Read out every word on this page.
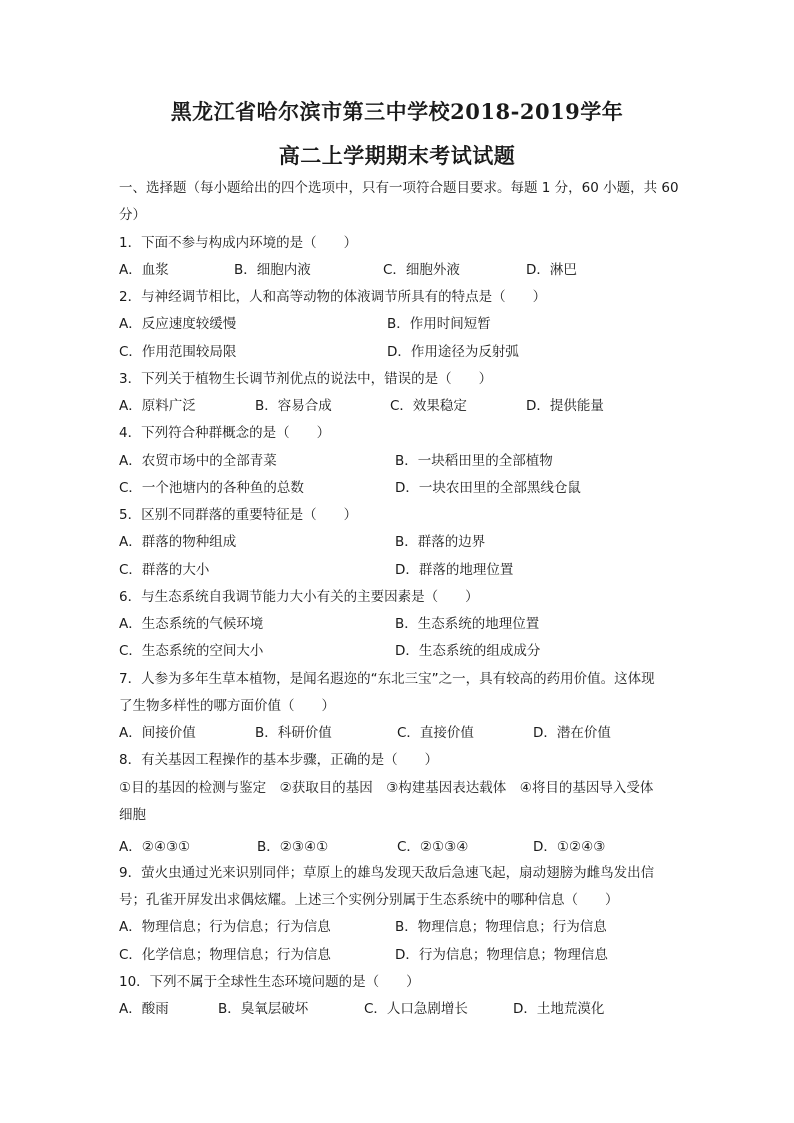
黑龙江省哈尔滨市第三中学校2018-2019学年
高二上学期期末考试试题
一、选择题（每小题给出的四个选项中，只有一项符合题目要求。每题 1 分，60 小题，共 60
分）
1．下面不参与构成内环境的是（　　）
A．血浆	B．细胞内液	C．细胞外液	D．淋巴
2．与神经调节相比，人和高等动物的体液调节所具有的特点是（　　）
A．反应速度较缓慢	B．作用时间短暂
C．作用范围较局限	D．作用途径为反射弧
3．下列关于植物生长调节剂优点的说法中，错误的是（　　）
A．原料广泛	B．容易合成	C．效果稳定	D．提供能量
4．下列符合种群概念的是（　　）
A．农贸市场中的全部青菜	B．一块稻田里的全部植物
C．一个池塘内的各种鱼的总数	D．一块农田里的全部黑线仓鼠
5．区别不同群落的重要特征是（　　）
A．群落的物种组成	B．群落的边界
C．群落的大小	D．群落的地理位置
6．与生态系统自我调节能力大小有关的主要因素是（　　）
A．生态系统的气候环境	B．生态系统的地理位置
C．生态系统的空间大小	D．生态系统的组成成分
7．人参为多年生草本植物，是闻名遐迩的“东北三宝”之一，具有较高的药用价值。这体现
了生物多样性的哪方面价值（　　）
A．间接价值	B．科研价值	C．直接价值	D．潜在价值
8．有关基因工程操作的基本步骤，正确的是（　　）
①目的基因的检测与鉴定　②获取目的基因　③构建基因表达载体　④将目的基因导入受体
细胞
A．②④③①	B．②③④①	C．②①③④	D．①②④③
9．萤火虫通过光来识别同伴；草原上的雄鸟发现天敌后急速飞起，扇动翅膀为雌鸟发出信
号；孔雀开屏发出求偶炫耀。上述三个实例分别属于生态系统中的哪种信息（　　）
A．物理信息；行为信息；行为信息	B．物理信息；物理信息；行为信息
C．化学信息；物理信息；行为信息	D．行为信息；物理信息；物理信息
10．下列不属于全球性生态环境问题的是（　　）
A．酸雨	B．臭氧层破坏	C．人口急剧增长	D．土地荒漠化
